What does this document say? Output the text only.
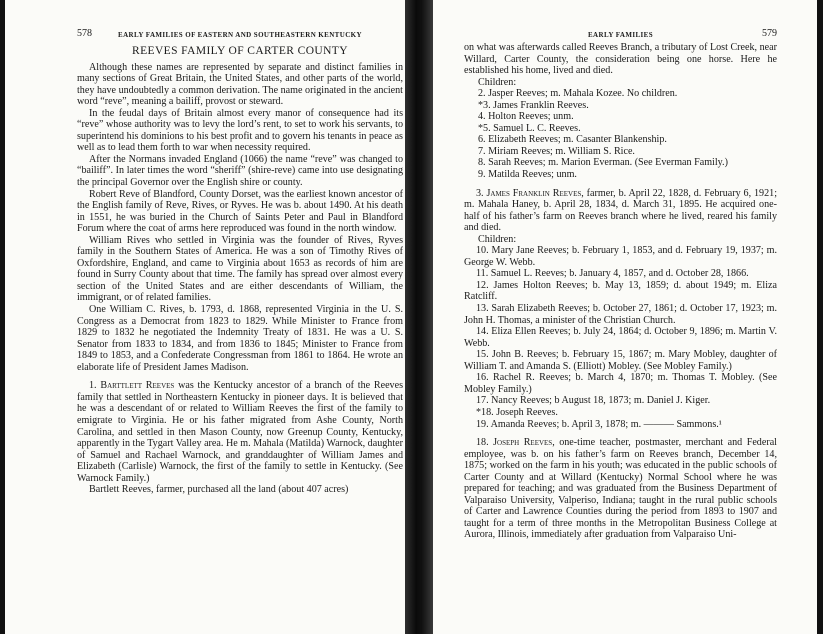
578	EARLY FAMILIES OF EASTERN AND SOUTHEASTERN KENTUCKY
REEVES FAMILY OF CARTER COUNTY

Although these names are represented by separate and distinct families in many sections of Great Britain, the United States, and other parts of the world, they have undoubtedly a common derivation. The name originated in the ancient word “reve”, meaning a bailiff, provost or steward.

In the feudal days of Britain almost every manor of consequence had its “reve” whose authority was to levy the lord’s rent, to set to work his servants, to superintend his dominions to his best profit and to govern his tenants in peace as well as to lead them forth to war when necessity required.

After the Normans invaded England (1066) the name “reve” was changed to “bailiff”. In later times the word “sheriff” (shire-reve) came into use designating the principal Governor over the English shire or county.

Robert Reve of Blandford, County Dorset, was the earliest known ancestor of the English family of Reve, Rives, or Ryves. He was b. about 1490. At his death in 1551, he was buried in the Church of Saints Peter and Paul in Blandford Forum where the coat of arms here reproduced was found in the north window.

William Rives who settled in Virginia was the founder of Rives, Ryves family in the Southern States of America. He was a son of Timothy Rives of Oxfordshire, England, and came to Virginia about 1653 as records of him are found in Surry County about that time. The family has spread over almost every section of the United States and are either descendants of William, the immigrant, or of related families.

One William C. Rives, b. 1793, d. 1868, represented Virginia in the U. S. Congress as a Democrat from 1823 to 1829. While Minister to France from 1829 to 1832 he negotiated the Indemnity Treaty of 1831. He was a U. S. Senator from 1833 to 1834, and from 1836 to 1845; Minister to France from 1849 to 1853, and a Confederate Congressman from 1861 to 1864. He wrote an elaborate life of President James Madison.

1. Barttlett Reeves was the Kentucky ancestor of a branch of the Reeves family that settled in Northeastern Kentucky in pioneer days. It is believed that he was a descendant of or related to William Reeves the first of the family to emigrate to Virginia. He or his father migrated from Ashe County, North Carolina, and settled in then Mason County, now Greenup County, Kentucky, apparently in the Tygart Valley area. He m. Mahala (Matilda) Warnock, daughter of Samuel and Rachael Warnock, and granddaughter of William James and Elizabeth (Carlisle) Warnock, the first of the family to settle in Kentucky. (See Warnock Family.)

Bartlett Reeves, farmer, purchased all the land (about 407 acres)

EARLY FAMILIES	579

on what was afterwards called Reeves Branch, a tributary of Lost Creek, near Willard, Carter County, the consideration being one horse. Here he established his home, lived and died.

Children:
2. Jasper Reeves; m. Mahala Kozee. No children.
*3. James Franklin Reeves.
4. Holton Reeves; unm.
*5. Samuel L. C. Reeves.
6. Elizabeth Reeves; m. Casanter Blankenship.
7. Miriam Reeves; m. William S. Rice.
8. Sarah Reeves; m. Marion Everman. (See Everman Family.)
9. Matilda Reeves; unm.

3. James Franklin Reeves, farmer, b. April 22, 1828, d. February 6, 1921; m. Mahala Haney, b. April 28, 1834, d. March 31, 1895. He acquired one-half of his father’s farm on Reeves branch where he lived, reared his family and died.

Children:

10. Mary Jane Reeves; b. February 1, 1853, and d. February 19, 1937; m. George W. Webb.

11. Samuel L. Reeves; b. January 4, 1857, and d. October 28, 1866.

12. James Holton Reeves; b. May 13, 1859; d. about 1949; m. Eliza Ratcliff.

13. Sarah Elizabeth Reeves; b. October 27, 1861; d. October 17, 1923; m. John H. Thomas, a minister of the Christian Church.

14. Eliza Ellen Reeves; b. July 24, 1864; d. October 9, 1896; m. Martin V. Webb.

15. John B. Reeves; b. February 15, 1867; m. Mary Mobley, daughter of William T. and Amanda S. (Elliott) Mobley. (See Mobley Family.)

16. Rachel R. Reeves; b. March 4, 1870; m. Thomas T. Mobley. (See Mobley Family.)

17. Nancy Reeves; b August 18, 1873; m. Daniel J. Kiger.

*18. Joseph Reeves.

19. Amanda Reeves; b. April 3, 1878; m. ——— Sammons.¹

18. Joseph Reeves, one-time teacher, postmaster, merchant and Federal employee, was b. on his father’s farm on Reeves branch, December 14, 1875; worked on the farm in his youth; was educated in the public schools of Carter County and at Willard (Kentucky) Normal School where he was prepared for teaching; and was graduated from the Business Department of Valparaiso University, Valperiso, Indiana; taught in the rural public schools of Carter and Lawrence Counties during the period from 1893 to 1907 and taught for a term of three months in the Metropolitan Business College at Aurora, Illinois, immediately after graduation from Valparaiso Uni-
